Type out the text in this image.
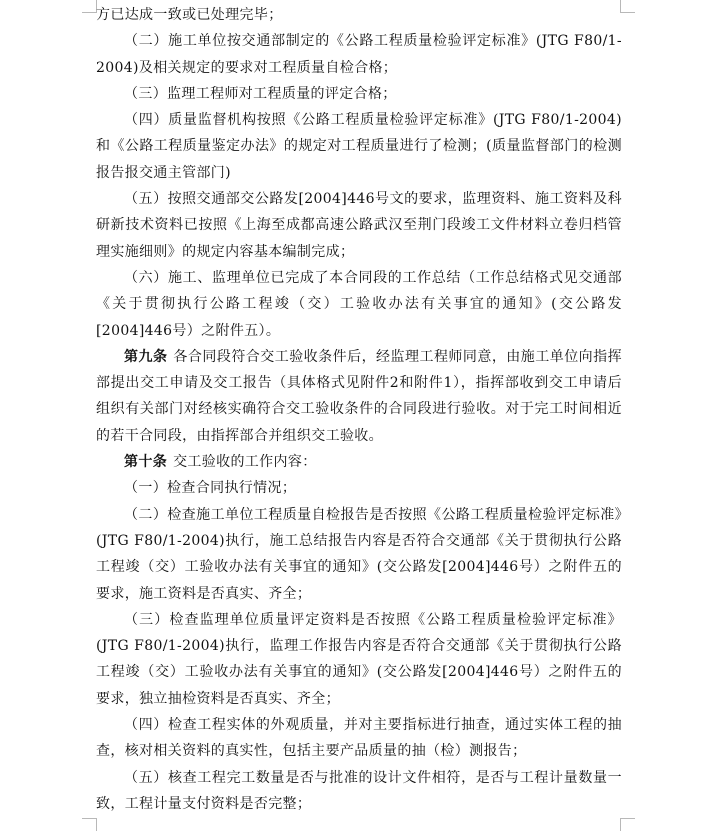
方已达成一致或已处理完毕；

（二）施工单位按交通部制定的《公路工程质量检验评定标准》(JTG F80/1-2004)及相关规定的要求对工程质量自检合格；

（三）监理工程师对工程质量的评定合格；

（四）质量监督机构按照《公路工程质量检验评定标准》(JTG F80/1-2004)和《公路工程质量鉴定办法》的规定对工程质量进行了检测；(质量监督部门的检测报告报交通主管部门)

（五）按照交通部交公路发[2004]446号文的要求，监理资料、施工资料及科研新技术资料已按照《上海至成都高速公路武汉至荆门段竣工文件材料立卷归档管理实施细则》的规定内容基本编制完成；

（六）施工、监理单位已完成了本合同段的工作总结（工作总结格式见交通部《关于贯彻执行公路工程竣（交）工验收办法有关事宜的通知》(交公路发[2004]446号）之附件五）。

第九条 各合同段符合交工验收条件后，经监理工程师同意，由施工单位向指挥部提出交工申请及交工报告（具体格式见附件2和附件1），指挥部收到交工申请后组织有关部门对经核实确符合交工验收条件的合同段进行验收。对于完工时间相近的若干合同段，由指挥部合并组织交工验收。

第十条 交工验收的工作内容：

（一）检查合同执行情况；

（二）检查施工单位工程质量自检报告是否按照《公路工程质量检验评定标准》(JTG F80/1-2004)执行，施工总结报告内容是否符合交通部《关于贯彻执行公路工程竣（交）工验收办法有关事宜的通知》(交公路发[2004]446号）之附件五的要求，施工资料是否真实、齐全；

（三）检查监理单位质量评定资料是否按照《公路工程质量检验评定标准》(JTG F80/1-2004)执行，监理工作报告内容是否符合交通部《关于贯彻执行公路工程竣（交）工验收办法有关事宜的通知》(交公路发[2004]446号）之附件五的要求，独立抽检资料是否真实、齐全；

（四）检查工程实体的外观质量，并对主要指标进行抽查，通过实体工程的抽查，核对相关资料的真实性，包括主要产品质量的抽（检）测报告；

（五）核查工程完工数量是否与批准的设计文件相符，是否与工程计量数量一致，工程计量支付资料是否完整；
